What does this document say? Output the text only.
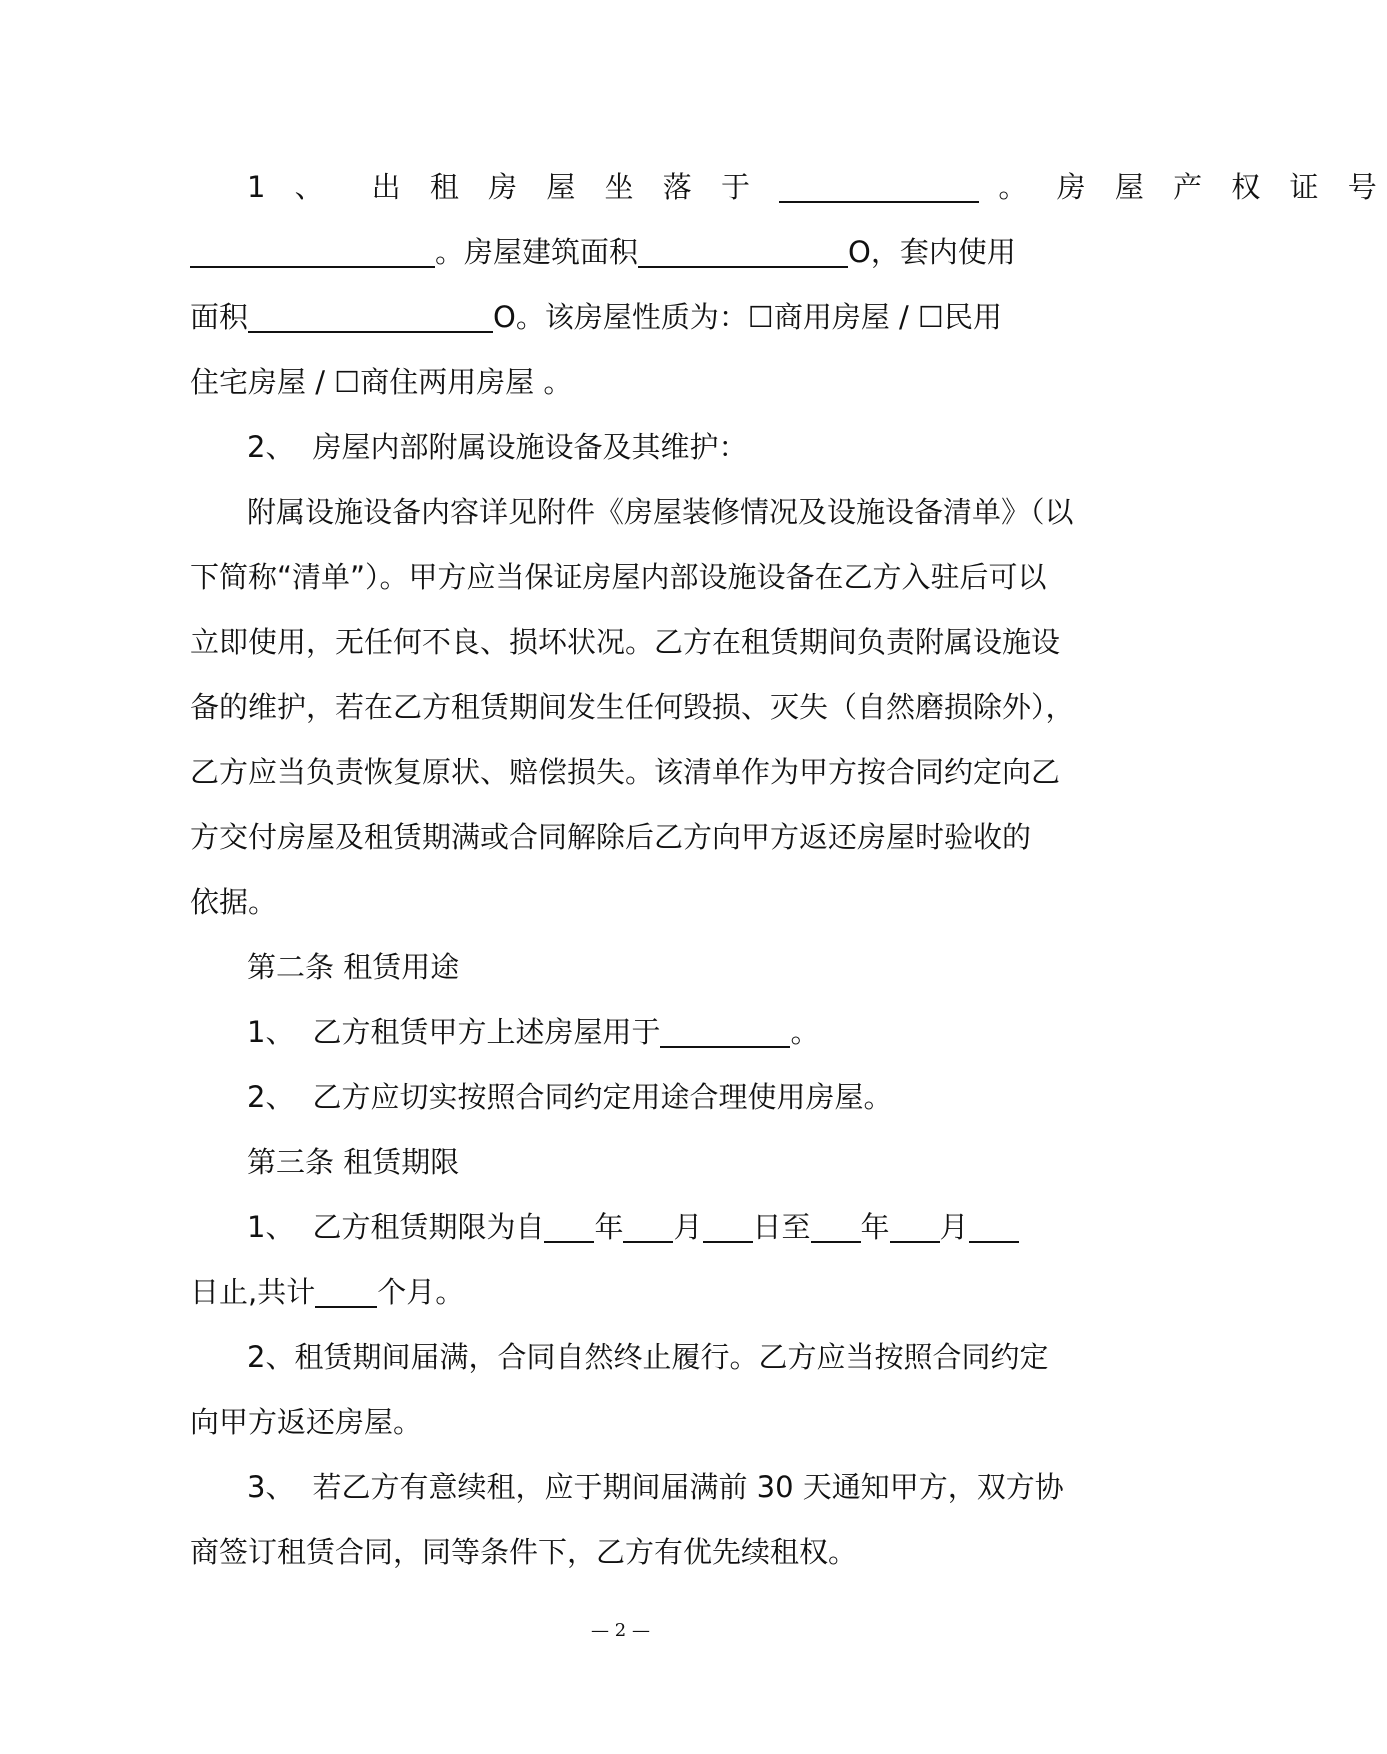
1 、 出 租 房 屋 坐 落 于	。 房 屋 产 权 证 号
。房屋建筑面积	O，套内使用
面积	O。该房屋性质为：☐商用房屋 / ☐民用
住宅房屋 / ☐商住两用房屋 。
2、 房屋内部附属设施设备及其维护：
附属设施设备内容详见附件《房屋装修情况及设施设备清单》（以
下简称“清单”）。甲方应当保证房屋内部设施设备在乙方入驻后可以
立即使用，无任何不良、损坏状况。乙方在租赁期间负责附属设施设
备的维护，若在乙方租赁期间发生任何毁损、灭失（自然磨损除外），
乙方应当负责恢复原状、赔偿损失。该清单作为甲方按合同约定向乙
方交付房屋及租赁期满或合同解除后乙方向甲方返还房屋时验收的
依据。
第二条 租赁用途
1、 乙方租赁甲方上述房屋用于	。
2、 乙方应切实按照合同约定用途合理使用房屋。
第三条 租赁期限
1、 乙方租赁期限为自 年 月 日至 年 月
日止,共计 个月。
2、租赁期间届满，合同自然终止履行。乙方应当按照合同约定
向甲方返还房屋。
3、 若乙方有意续租，应于期间届满前 30 天通知甲方，双方协
商签订租赁合同，同等条件下，乙方有优先续租权。
— 2 —
